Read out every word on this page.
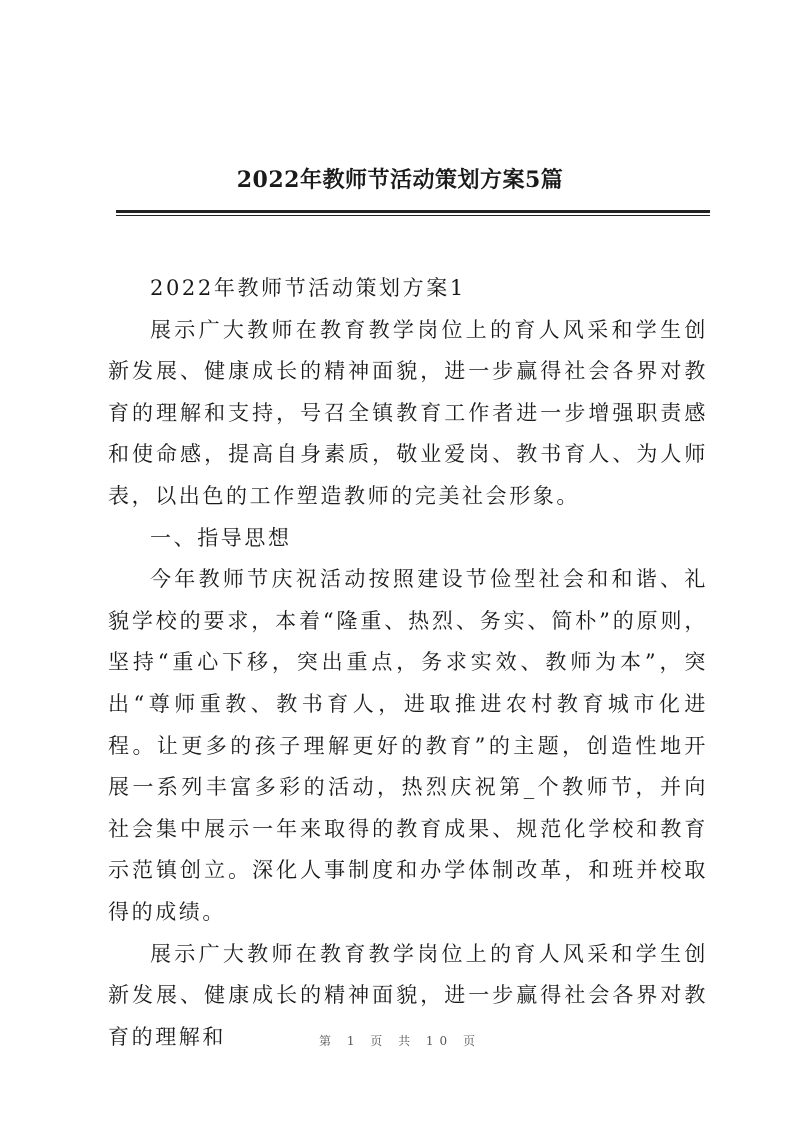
2022年教师节活动策划方案5篇

2022年教师节活动策划方案1

展示广大教师在教育教学岗位上的育人风采和学生创新发展、健康成长的精神面貌，进一步赢得社会各界对教育的理解和支持，号召全镇教育工作者进一步增强职责感和使命感，提高自身素质，敬业爱岗、教书育人、为人师表，以出色的工作塑造教师的完美社会形象。

一、指导思想

今年教师节庆祝活动按照建设节俭型社会和和谐、礼貌学校的要求，本着“隆重、热烈、务实、简朴”的原则，坚持“重心下移，突出重点，务求实效、教师为本”，突出“尊师重教、教书育人，进取推进农村教育城市化进程。让更多的孩子理解更好的教育”的主题，创造性地开展一系列丰富多彩的活动，热烈庆祝第_个教师节，并向社会集中展示一年来取得的教育成果、规范化学校和教育示范镇创立。深化人事制度和办学体制改革，和班并校取得的成绩。

展示广大教师在教育教学岗位上的育人风采和学生创新发展、健康成长的精神面貌，进一步赢得社会各界对教育的理解和	第 1 页 共 10 页
